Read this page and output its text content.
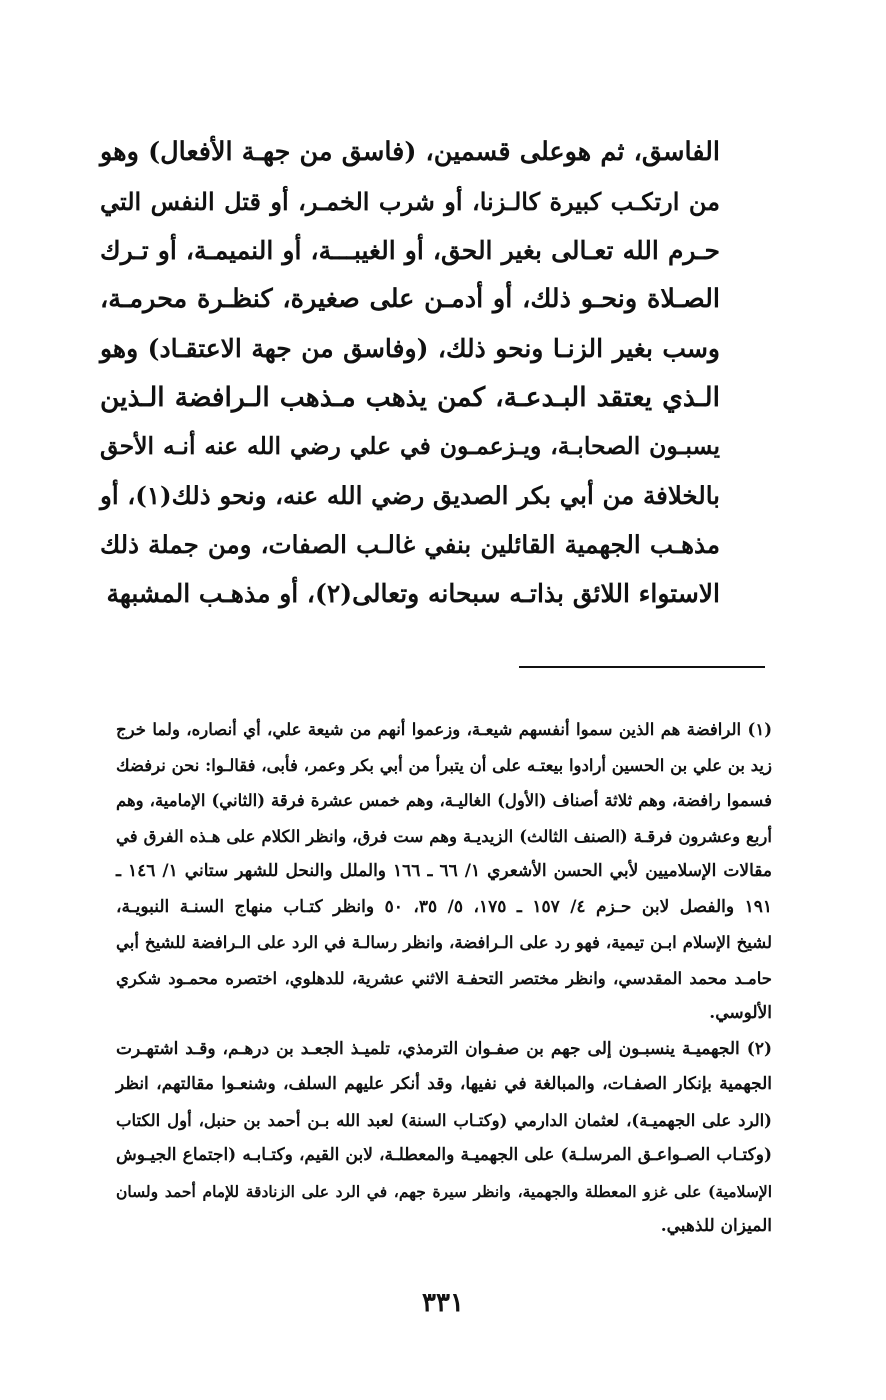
الفاسق، ثم هوعلى قسمين، (فاسق من جهـة الأفعال) وهو
من ارتكـب كبيرة كالـزنا، أو شرب الخمـر، أو قتل النفس التي
حـرم الله تعـالى بغير الحق، أو الغيبـــة، أو النميمـة، أو تـرك
الصـلاة ونحـو ذلك، أو أدمـن على صغيرة، كنظـرة محرمـة،
وسب بغير الزنـا ونحو ذلك، (وفاسق من جهة الاعتقـاد) وهو
الـذي يعتقد البـدعـة، كمن يذهب مـذهب الـرافضة الـذين
يسبـون الصحابـة، ويـزعمـون في علي رضي الله عنه أنـه الأحق
بالخلافة من أبي بكر الصديق رضي الله عنه، ونحو ذلك(١)، أو
مذهـب الجهمية القائلين بنفي غالـب الصفات، ومن جملة ذلك
الاستواء اللائق بذاتـه سبحانه وتعالى(٢)، أو مذهـب المشبهة
(١) الرافضة هم الذين سموا أنفسهم شيعـة، وزعموا أنهم من شيعة علي، أي أنصاره، ولما خرج
زيد بن علي بن الحسين أرادوا بيعتـه على أن يتبرأ من أبي بكر وعمر، فأبى، فقالـوا: نحن نرفضك
فسموا رافضة، وهم ثلاثة أصناف (الأول) الغاليـة، وهم خمس عشرة فرقة (الثاني) الإمامية، وهم
أربع وعشرون فرقـة (الصنف الثالث) الزيديـة وهم ست فرق، وانظر الكلام على هـذه الفرق في
مقالات الإسلاميين لأبي الحسن الأشعري ١/ ٦٦ ـ ١٦٦ والملل والنحل للشهر ستاني ١/ ١٤٦ ـ
١٩١ والفصل لابن حـزم ٤/ ١٥٧ ـ ١٧٥، ٥/ ٣٥، ٥٠ وانظر كتـاب منهاج السنـة النبويـة،
لشيخ الإسلام ابـن تيمية، فهو رد على الـرافضة، وانظر رسالـة في الرد على الـرافضة للشيخ أبي
حامـد محمد المقدسي، وانظر مختصر التحفـة الاثني عشرية، للدهلوي، اختصره محمـود شكري
الألوسي.
(٢) الجهميـة ينسبـون إلى جهم بن صفـوان الترمذي، تلميـذ الجعـد بن درهـم، وقـد اشتهـرت
الجهمية بإنكار الصفـات، والمبالغة في نفيها، وقد أنكر عليهم السلف، وشنعـوا مقالتهم، انظر
(الرد على الجهميـة)، لعثمان الدارمي (وكتـاب السنة) لعبد الله بـن أحمد بن حنبل، أول الكتاب
(وكتـاب الصـواعـق المرسلـة) على الجهميـة والمعطلـة، لابن القيم، وكتـابـه (اجتماع الجيـوش
الإسلامية) على غزو المعطلة والجهمية، وانظر سيرة جهم، في الرد على الزنادقة للإمام أحمد ولسان
الميزان للذهبي.
٣٣١
